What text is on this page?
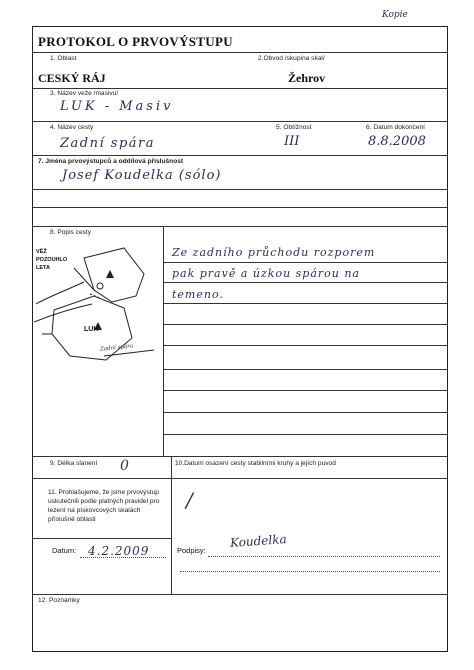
Kopie
PROTOKOL O PRVOVÝSTUPU
1. Oblast	2.Obvod /skupina skal/
CESKÝ RÁJ	Žehrov
3. Název veže /masivu/
LUK - Masiv
4. Název cesty	5. Obtížnost	6. Datum dokončení
Zadní spára	III	8.8.2008
7. Jména prvovýstupců a oddílová příslušnost
Josef Koudelka (sólo)
8. Popis cesty
VĚŽ POZOUHLO LETA
LUK
Zadní spára
Ze zadního průchodu rozporem
pak pravě a úzkou spárou na
temeno.
9. Délka slanení 0	10.Datum osazení cesty stabilními kruhy a jejích puvod
11. Prohlašujeme, že jsme prvovýstup uskutečnili podle platných pravidel pro lezení na pískovcových skalách příslušné oblasti
/
Datum: 4.2.2009	Podpisy:
Koudelka
12. Poznámky
